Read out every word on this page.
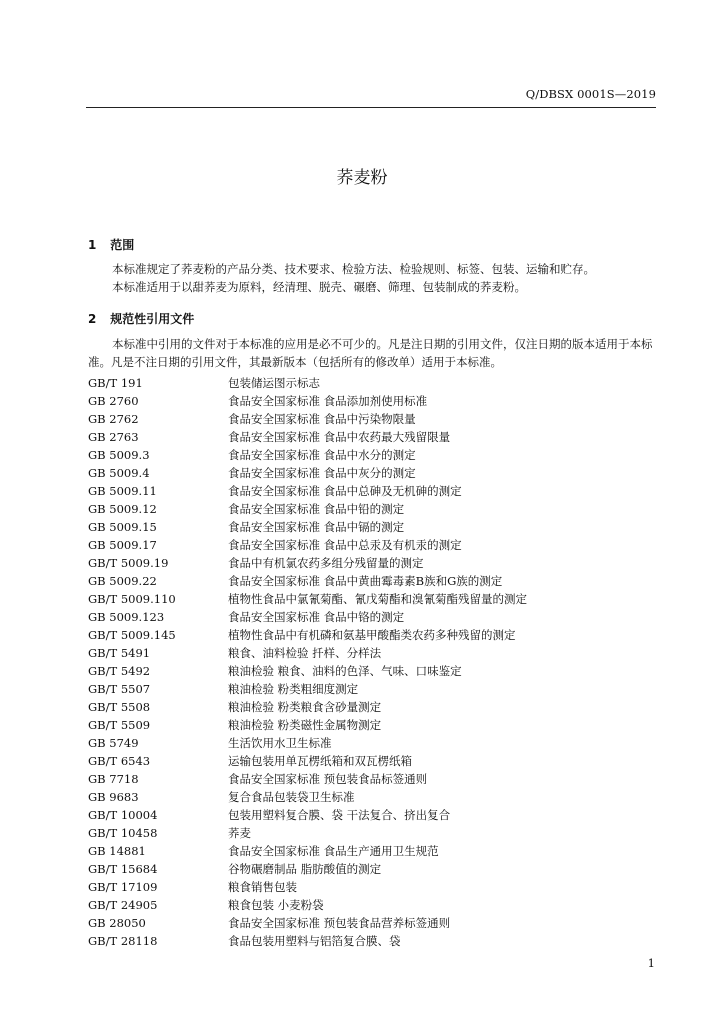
Q/DBSX 0001S—2019
荞麦粉
1 范围
本标准规定了荞麦粉的产品分类、技术要求、检验方法、检验规则、标签、包装、运输和贮存。
本标准适用于以甜荞麦为原料，经清理、脱壳、碾磨、筛理、包装制成的荞麦粉。
2 规范性引用文件
本标准中引用的文件对于本标准的应用是必不可少的。凡是注日期的引用文件，仅注日期的版本适用于本标准。凡是不注日期的引用文件，其最新版本（包括所有的修改单）适用于本标准。
GB/T 191	包装储运图示标志
GB 2760	食品安全国家标准 食品添加剂使用标准
GB 2762	食品安全国家标准 食品中污染物限量
GB 2763	食品安全国家标准 食品中农药最大残留限量
GB 5009.3	食品安全国家标准 食品中水分的测定
GB 5009.4	食品安全国家标准 食品中灰分的测定
GB 5009.11	食品安全国家标准 食品中总砷及无机砷的测定
GB 5009.12	食品安全国家标准 食品中铅的测定
GB 5009.15	食品安全国家标准 食品中镉的测定
GB 5009.17	食品安全国家标准 食品中总汞及有机汞的测定
GB/T 5009.19	食品中有机氯农药多组分残留量的测定
GB 5009.22	食品安全国家标准 食品中黄曲霉毒素B族和G族的测定
GB/T 5009.110	植物性食品中氯氰菊酯、氰戊菊酯和溴氰菊酯残留量的测定
GB 5009.123	食品安全国家标准 食品中铬的测定
GB/T 5009.145	植物性食品中有机磷和氨基甲酸酯类农药多种残留的测定
GB/T 5491	粮食、油料检验 扦样、分样法
GB/T 5492	粮油检验 粮食、油料的色泽、气味、口味鉴定
GB/T 5507	粮油检验 粉类粗细度测定
GB/T 5508	粮油检验 粉类粮食含砂量测定
GB/T 5509	粮油检验 粉类磁性金属物测定
GB 5749	生活饮用水卫生标准
GB/T 6543	运输包装用单瓦楞纸箱和双瓦楞纸箱
GB 7718	食品安全国家标准 预包装食品标签通则
GB 9683	复合食品包装袋卫生标准
GB/T 10004	包装用塑料复合膜、袋 干法复合、挤出复合
GB/T 10458	荞麦
GB 14881	食品安全国家标准 食品生产通用卫生规范
GB/T 15684	谷物碾磨制品 脂肪酸值的测定
GB/T 17109	粮食销售包装
GB/T 24905	粮食包装 小麦粉袋
GB 28050	食品安全国家标准 预包装食品营养标签通则
GB/T 28118	食品包装用塑料与铝箔复合膜、袋
1
